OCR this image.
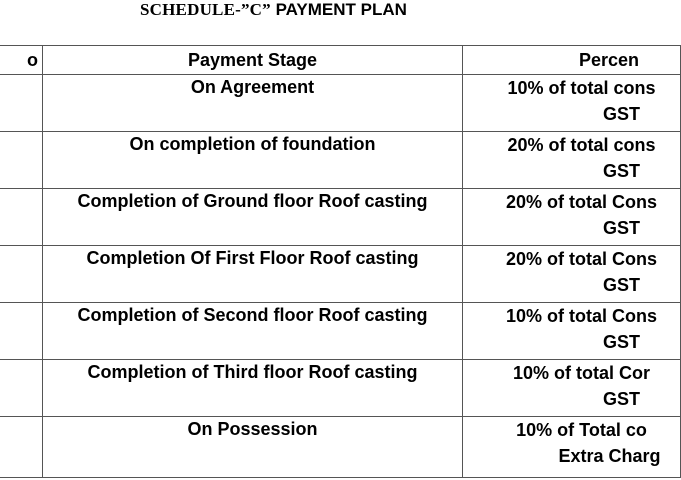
SCHEDULE-”C” PAYMENT PLAN
o	Payment Stage	Percen
	On Agreement	10% of total cons
GST

	On completion of foundation	20% of total cons
GST

	Completion of Ground floor Roof casting	20% of total Cons
GST

	Completion Of First Floor Roof casting	20% of total Cons
GST

	Completion of Second floor Roof casting	10% of total Cons
GST

	Completion of Third floor Roof casting	10% of total Cor
GST

	On Possession	10% of Total co
Extra Charg
